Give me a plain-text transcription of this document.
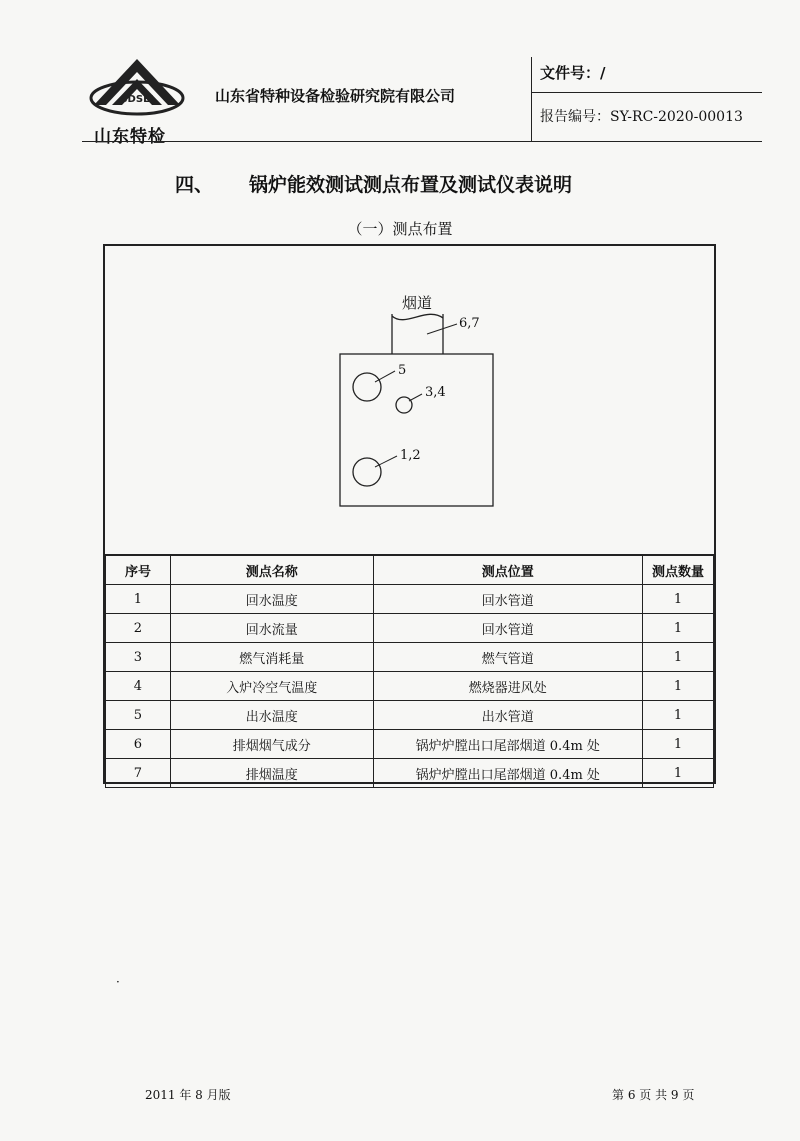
SDSEI
山东特检
山东省特种设备检验研究院有限公司
文件号：/
报告编号：SY-RC-2020-00013
四、 锅炉能效测试测点布置及测试仪表说明
（一）测点布置
烟道
6,7
5
3,4
1,2
序号	测点名称	测点位置	测点数量
1	回水温度	回水管道	1
2	回水流量	回水管道	1
3	燃气消耗量	燃气管道	1
4	入炉冷空气温度	燃烧器进风处	1
5	出水温度	出水管道	1
6	排烟烟气成分	锅炉炉膛出口尾部烟道 0.4m 处	1
7	排烟温度	锅炉炉膛出口尾部烟道 0.4m 处	1
·
2011 年 8 月版	第 6 页 共 9 页
